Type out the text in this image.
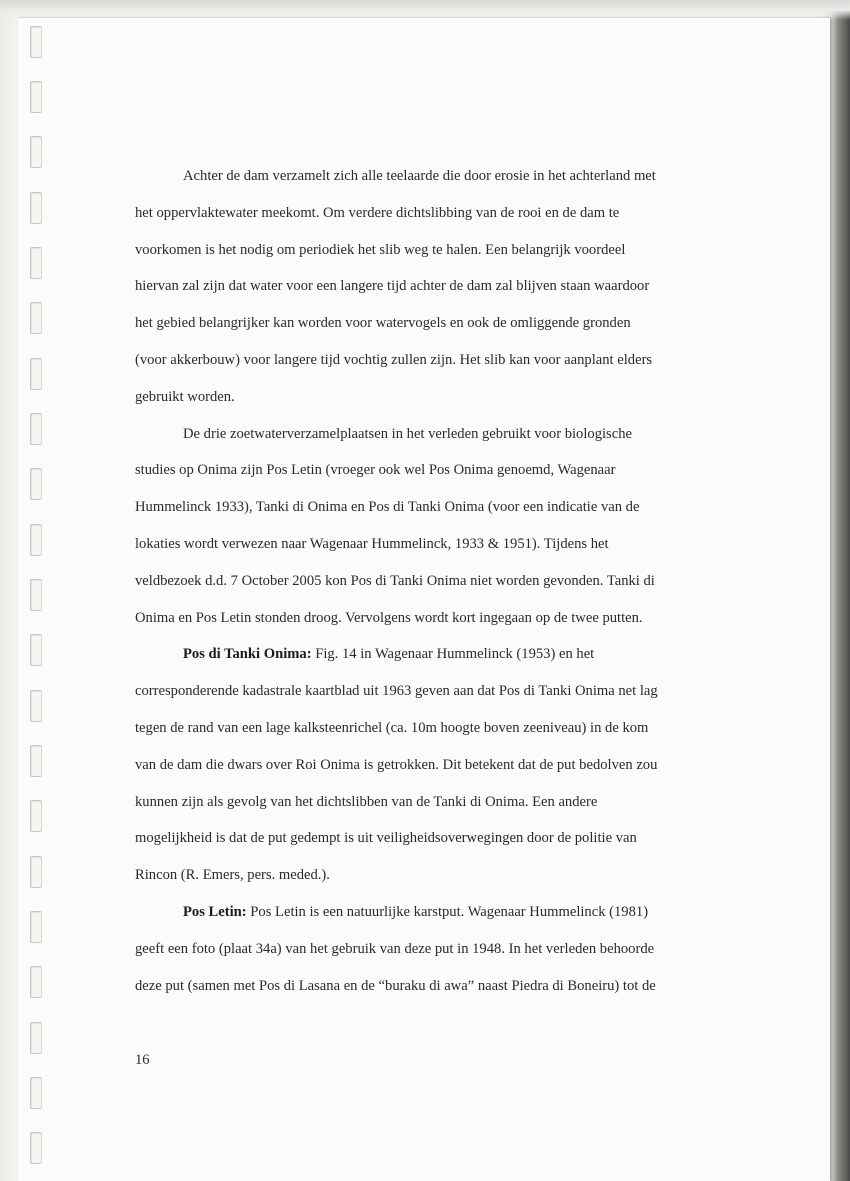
Achter de dam verzamelt zich alle teelaarde die door erosie in het achterland met
het oppervlaktewater meekomt. Om verdere dichtslibbing van de rooi en de dam te
voorkomen is het nodig om periodiek het slib weg te halen. Een belangrijk voordeel
hiervan zal zijn dat water voor een langere tijd achter de dam zal blijven staan waardoor
het gebied belangrijker kan worden voor watervogels en ook de omliggende gronden
(voor akkerbouw) voor langere tijd vochtig zullen zijn. Het slib kan voor aanplant elders
gebruikt worden.
De drie zoetwaterverzamelplaatsen in het verleden gebruikt voor biologische
studies op Onima zijn Pos Letin (vroeger ook wel Pos Onima genoemd, Wagenaar
Hummelinck 1933), Tanki di Onima en Pos di Tanki Onima (voor een indicatie van de
lokaties wordt verwezen naar Wagenaar Hummelinck, 1933 & 1951). Tijdens het
veldbezoek d.d. 7 October 2005 kon Pos di Tanki Onima niet worden gevonden. Tanki di
Onima en Pos Letin stonden droog. Vervolgens wordt kort ingegaan op de twee putten.
Pos di Tanki Onima: Fig. 14 in Wagenaar Hummelinck (1953) en het
corresponderende kadastrale kaartblad uit 1963 geven aan dat Pos di Tanki Onima net lag
tegen de rand van een lage kalksteenrichel (ca. 10m hoogte boven zeeniveau) in de kom
van de dam die dwars over Roi Onima is getrokken. Dit betekent dat de put bedolven zou
kunnen zijn als gevolg van het dichtslibben van de Tanki di Onima. Een andere
mogelijkheid is dat de put gedempt is uit veiligheidsoverwegingen door de politie van
Rincon (R. Emers, pers. meded.).
Pos Letin: Pos Letin is een natuurlijke karstput. Wagenaar Hummelinck (1981)
geeft een foto (plaat 34a) van het gebruik van deze put in 1948. In het verleden behoorde
deze put (samen met Pos di Lasana en de “buraku di awa” naast Piedra di Boneiru) tot de
16
